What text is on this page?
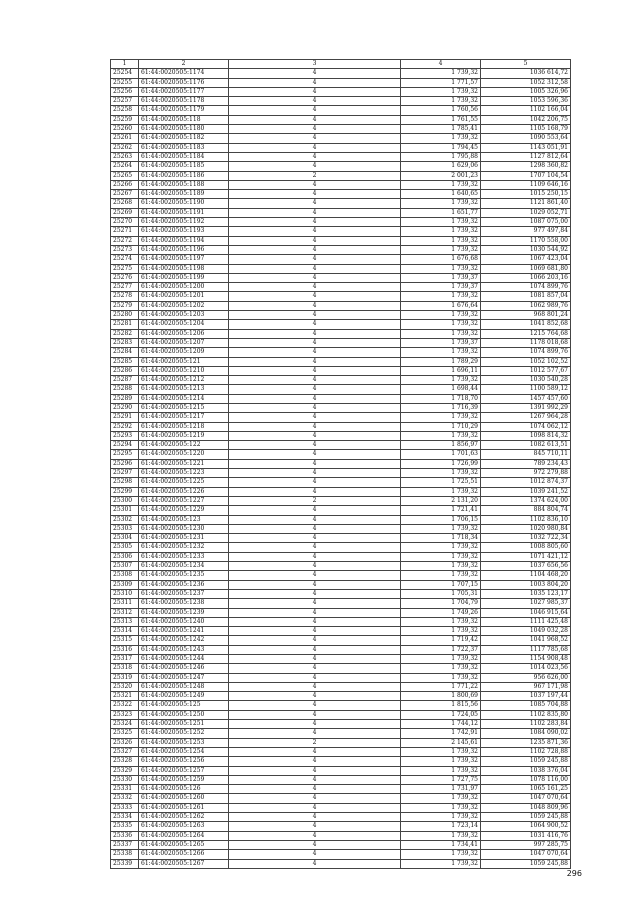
1	2	3	4	5
25254	61:44:0020505:1174	4	1 739,32	1036 614,72
25255	61:44:0020505:1176	4	1 771,57	1052 312,58
25256	61:44:0020505:1177	4	1 739,32	1005 326,96
25257	61:44:0020505:1178	4	1 739,32	1053 596,36
25258	61:44:0020505:1179	4	1 760,56	1102 166,04
25259	61:44:0020505:118	4	1 761,55	1042 206,75
25260	61:44:0020505:1180	4	1 785,41	1105 168,79
25261	61:44:0020505:1182	4	1 739,32	1090 553,64
25262	61:44:0020505:1183	4	1 794,45	1143 051,91
25263	61:44:0020505:1184	4	1 795,88	1127 812,64
25264	61:44:0020505:1185	4	1 629,06	1298 360,82
25265	61:44:0020505:1186	2	2 001,23	1707 104,54
25266	61:44:0020505:1188	4	1 739,32	1109 646,16
25267	61:44:0020505:1189	4	1 640,65	1015 250,15
25268	61:44:0020505:1190	4	1 739,32	1121 861,40
25269	61:44:0020505:1191	4	1 651,77	1029 052,71
25270	61:44:0020505:1192	4	1 739,32	1087 075,00
25271	61:44:0020505:1193	4	1 739,32	977 497,84
25272	61:44:0020505:1194	4	1 739,32	1170 558,00
25273	61:44:0020505:1196	4	1 739,32	1030 544,92
25274	61:44:0020505:1197	4	1 676,68	1067 423,04
25275	61:44:0020505:1198	4	1 739,32	1069 681,80
25276	61:44:0020505:1199	4	1 739,37	1066 203,16
25277	61:44:0020505:1200	4	1 739,37	1074 899,76
25278	61:44:0020505:1201	4	1 739,32	1081 857,04
25279	61:44:0020505:1202	4	1 676,64	1062 989,76
25280	61:44:0020505:1203	4	1 739,32	968 801,24
25281	61:44:0020505:1204	4	1 739,32	1041 852,68
25282	61:44:0020505:1206	4	1 739,32	1215 764,68
25283	61:44:0020505:1207	4	1 739,37	1178 018,68
25284	61:44:0020505:1209	4	1 739,32	1074 899,76
25285	61:44:0020505:121	4	1 789,29	1052 102,52
25286	61:44:0020505:1210	4	1 696,11	1012 577,67
25287	61:44:0020505:1212	4	1 739,32	1030 540,28
25288	61:44:0020505:1213	4	1 698,44	1100 589,12
25289	61:44:0020505:1214	4	1 718,70	1457 457,60
25290	61:44:0020505:1215	4	1 716,39	1391 992,29
25291	61:44:0020505:1217	4	1 739,32	1267 964,28
25292	61:44:0020505:1218	4	1 710,29	1074 062,12
25293	61:44:0020505:1219	4	1 739,32	1098 814,32
25294	61:44:0020505:122	4	1 856,97	1082 613,51
25295	61:44:0020505:1220	4	1 701,63	845 710,11
25296	61:44:0020505:1221	4	1 726,99	789 234,43
25297	61:44:0020505:1223	4	1 739,32	972 279,88
25298	61:44:0020505:1225	4	1 725,51	1012 874,37
25299	61:44:0020505:1226	4	1 739,32	1039 241,52
25300	61:44:0020505:1227	2	2 131,20	1374 624,00
25301	61:44:0020505:1229	4	1 721,41	884 804,74
25302	61:44:0020505:123	4	1 706,15	1102 836,10
25303	61:44:0020505:1230	4	1 739,32	1020 980,84
25304	61:44:0020505:1231	4	1 718,34	1032 722,34
25305	61:44:0020505:1232	4	1 739,32	1008 805,60
25306	61:44:0020505:1233	4	1 739,32	1071 421,12
25307	61:44:0020505:1234	4	1 739,32	1037 656,56
25308	61:44:0020505:1235	4	1 739,32	1104 468,20
25309	61:44:0020505:1236	4	1 707,15	1003 804,20
25310	61:44:0020505:1237	4	1 705,31	1035 123,17
25311	61:44:0020505:1238	4	1 704,79	1027 985,37
25312	61:44:0020505:1239	4	1 749,26	1046 915,64
25313	61:44:0020505:1240	4	1 739,32	1111 425,48
25314	61:44:0020505:1241	4	1 739,32	1049 032,28
25315	61:44:0020505:1242	4	1 719,42	1041 968,52
25316	61:44:0020505:1243	4	1 722,37	1117 785,68
25317	61:44:0020505:1244	4	1 739,32	1154 908,48
25318	61:44:0020505:1246	4	1 739,32	1014 023,56
25319	61:44:0020505:1247	4	1 739,32	956 626,00
25320	61:44:0020505:1248	4	1 771,22	967 171,98
25321	61:44:0020505:1249	4	1 800,69	1037 197,44
25322	61:44:0020505:125	4	1 815,56	1085 704,88
25323	61:44:0020505:1250	4	1 724,05	1102 835,80
25324	61:44:0020505:1251	4	1 744,12	1102 283,84
25325	61:44:0020505:1252	4	1 742,91	1084 090,02
25326	61:44:0020505:1253	2	2 145,61	1235 871,36
25327	61:44:0020505:1254	4	1 739,32	1102 728,88
25328	61:44:0020505:1256	4	1 739,32	1059 245,88
25329	61:44:0020505:1257	4	1 739,32	1038 376,04
25330	61:44:0020505:1259	4	1 727,75	1078 116,00
25331	61:44:0020505:126	4	1 731,97	1065 161,25
25332	61:44:0020505:1260	4	1 739,32	1047 070,64
25333	61:44:0020505:1261	4	1 739,32	1048 809,96
25334	61:44:0020505:1262	4	1 739,32	1059 245,88
25335	61:44:0020505:1263	4	1 723,14	1064 900,52
25336	61:44:0020505:1264	4	1 739,32	1031 416,76
25337	61:44:0020505:1265	4	1 734,41	997 285,75
25338	61:44:0020505:1266	4	1 739,32	1047 070,64
25339	61:44:0020505:1267	4	1 739,32	1059 245,88
296
